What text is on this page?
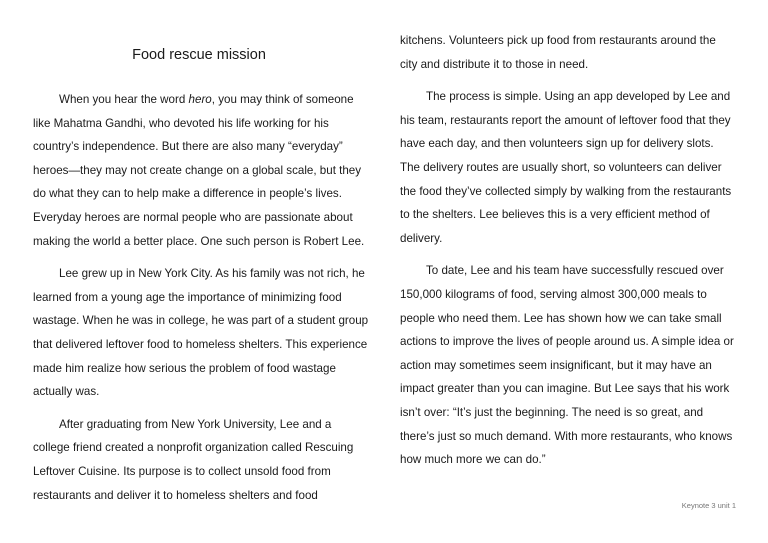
Food rescue mission

When you hear the word hero, you may think of someone like Mahatma Gandhi, who devoted his life working for his country’s independence. But there are also many “everyday” heroes—they may not create change on a global scale, but they do what they can to help make a difference in people’s lives. Everyday heroes are normal people who are passionate about making the world a better place. One such person is Robert Lee.

Lee grew up in New York City. As his family was not rich, he learned from a young age the importance of minimizing food wastage. When he was in college, he was part of a student group that delivered leftover food to homeless shelters. This experience made him realize how serious the problem of food wastage actually was.

After graduating from New York University, Lee and a college friend created a nonprofit organization called Rescuing Leftover Cuisine. Its purpose is to collect unsold food from restaurants and deliver it to homeless shelters and food

kitchens. Volunteers pick up food from restaurants around the city and distribute it to those in need.

The process is simple. Using an app developed by Lee and his team, restaurants report the amount of leftover food that they have each day, and then volunteers sign up for delivery slots. The delivery routes are usually short, so volunteers can deliver the food they’ve collected simply by walking from the restaurants to the shelters. Lee believes this is a very efficient method of delivery.

To date, Lee and his team have successfully rescued over 150,000 kilograms of food, serving almost 300,000 meals to people who need them. Lee has shown how we can take small actions to improve the lives of people around us. A simple idea or action may sometimes seem insignificant, but it may have an impact greater than you can imagine. But Lee says that his work isn’t over: “It’s just the beginning. The need is so great, and there’s just so much demand. With more restaurants, who knows how much more we can do.”

Keynote 3 unit 1
